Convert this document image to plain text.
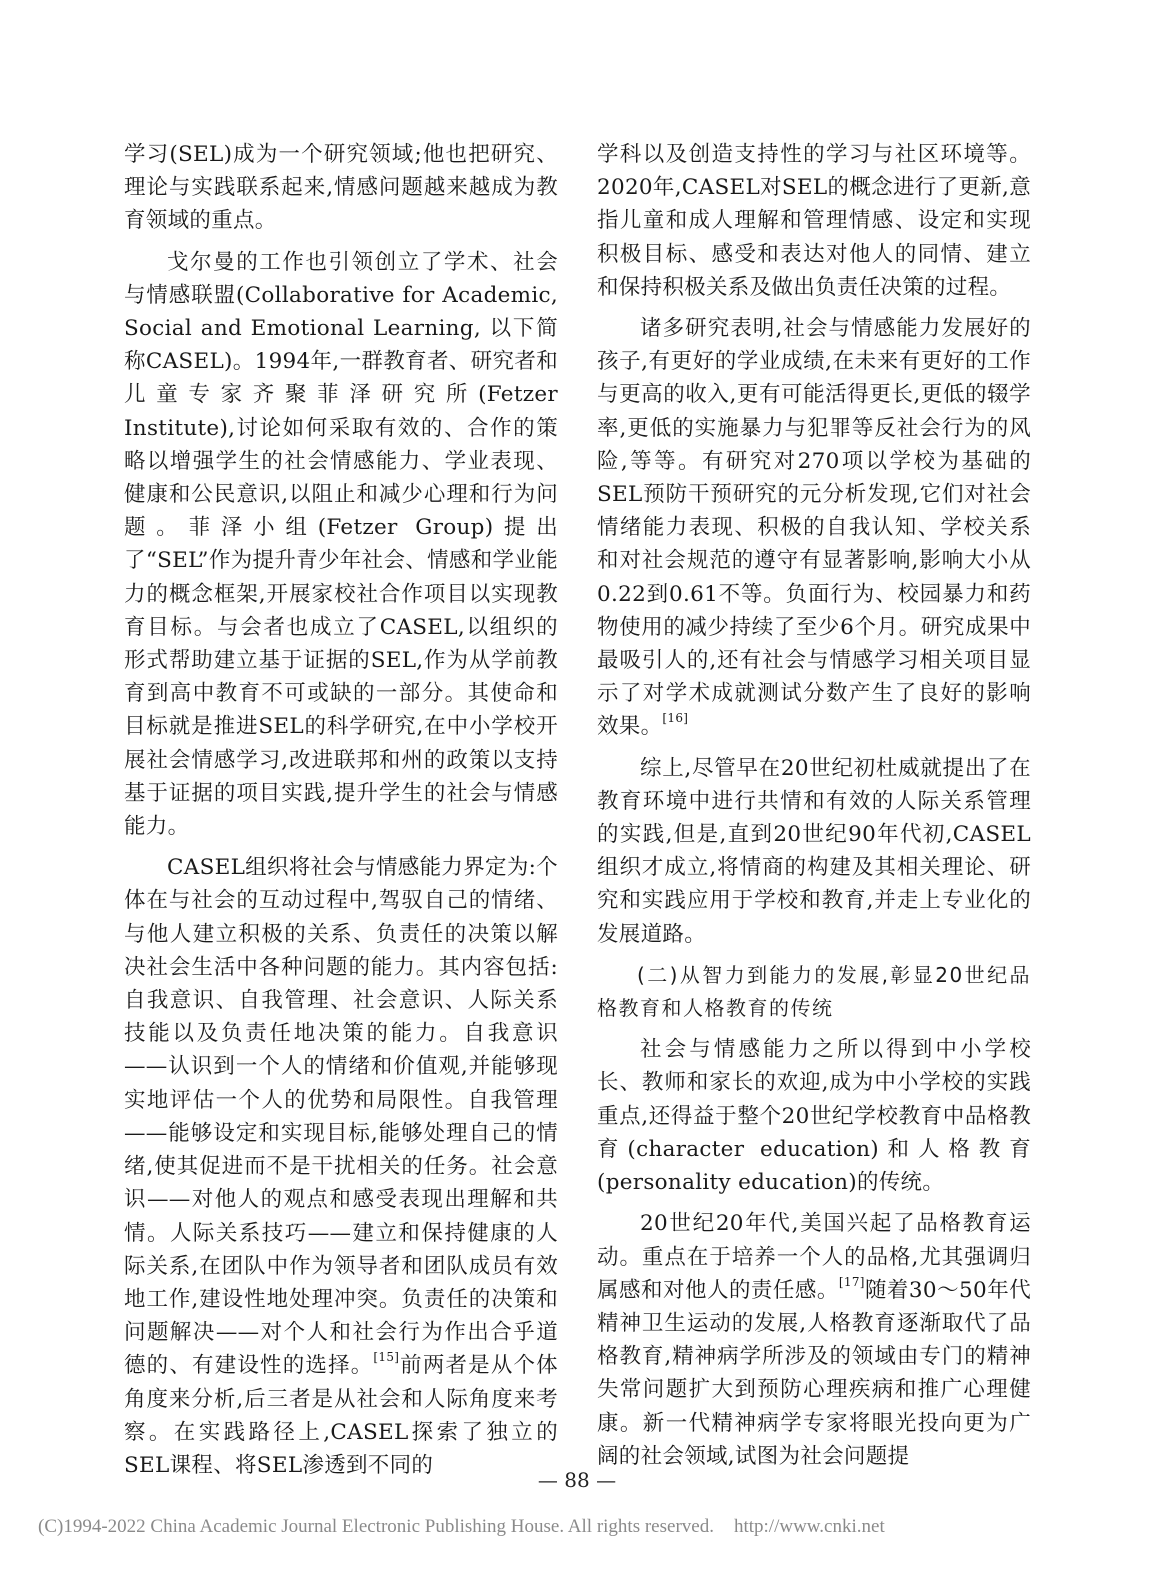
学习(SEL)成为一个研究领域;他也把研究、理论与实践联系起来,情感问题越来越成为教育领域的重点。

戈尔曼的工作也引领创立了学术、社会与情感联盟(Collaborative for Academic, Social and Emotional Learning, 以下简称CASEL)。1994年,一群教育者、研究者和儿童专家齐聚菲泽研究所(Fetzer Institute),讨论如何采取有效的、合作的策略以增强学生的社会情感能力、学业表现、健康和公民意识,以阻止和减少心理和行为问题。菲泽小组(Fetzer Group)提出了“SEL”作为提升青少年社会、情感和学业能力的概念框架,开展家校社合作项目以实现教育目标。与会者也成立了CASEL,以组织的形式帮助建立基于证据的SEL,作为从学前教育到高中教育不可或缺的一部分。其使命和目标就是推进SEL的科学研究,在中小学校开展社会情感学习,改进联邦和州的政策以支持基于证据的项目实践,提升学生的社会与情感能力。

CASEL组织将社会与情感能力界定为:个体在与社会的互动过程中,驾驭自己的情绪、与他人建立积极的关系、负责任的决策以解决社会生活中各种问题的能力。其内容包括:自我意识、自我管理、社会意识、人际关系技能以及负责任地决策的能力。自我意识——认识到一个人的情绪和价值观,并能够现实地评估一个人的优势和局限性。自我管理——能够设定和实现目标,能够处理自己的情绪,使其促进而不是干扰相关的任务。社会意识——对他人的观点和感受表现出理解和共情。人际关系技巧——建立和保持健康的人际关系,在团队中作为领导者和团队成员有效地工作,建设性地处理冲突。负责任的决策和问题解决——对个人和社会行为作出合乎道德的、有建设性的选择。[15]前两者是从个体角度来分析,后三者是从社会和人际角度来考察。在实践路径上,CASEL探索了独立的SEL课程、将SEL渗透到不同的

学科以及创造支持性的学习与社区环境等。2020年,CASEL对SEL的概念进行了更新,意指儿童和成人理解和管理情感、设定和实现积极目标、感受和表达对他人的同情、建立和保持积极关系及做出负责任决策的过程。

诸多研究表明,社会与情感能力发展好的孩子,有更好的学业成绩,在未来有更好的工作与更高的收入,更有可能活得更长,更低的辍学率,更低的实施暴力与犯罪等反社会行为的风险,等等。有研究对270项以学校为基础的SEL预防干预研究的元分析发现,它们对社会情绪能力表现、积极的自我认知、学校关系和对社会规范的遵守有显著影响,影响大小从0.22到0.61不等。负面行为、校园暴力和药物使用的减少持续了至少6个月。研究成果中最吸引人的,还有社会与情感学习相关项目显示了对学术成就测试分数产生了良好的影响效果。[16]

综上,尽管早在20世纪初杜威就提出了在教育环境中进行共情和有效的人际关系管理的实践,但是,直到20世纪90年代初,CASEL组织才成立,将情商的构建及其相关理论、研究和实践应用于学校和教育,并走上专业化的发展道路。

(二)从智力到能力的发展,彰显20世纪品格教育和人格教育的传统

社会与情感能力之所以得到中小学校长、教师和家长的欢迎,成为中小学校的实践重点,还得益于整个20世纪学校教育中品格教育(character education)和人格教育(personality education)的传统。

20世纪20年代,美国兴起了品格教育运动。重点在于培养一个人的品格,尤其强调归属感和对他人的责任感。[17]随着30～50年代精神卫生运动的发展,人格教育逐渐取代了品格教育,精神病学所涉及的领域由专门的精神失常问题扩大到预防心理疾病和推广心理健康。新一代精神病学专家将眼光投向更为广阔的社会领域,试图为社会问题提

— 88 —
(C)1994-2022 China Academic Journal Electronic Publishing House. All rights reserved. http://www.cnki.net
